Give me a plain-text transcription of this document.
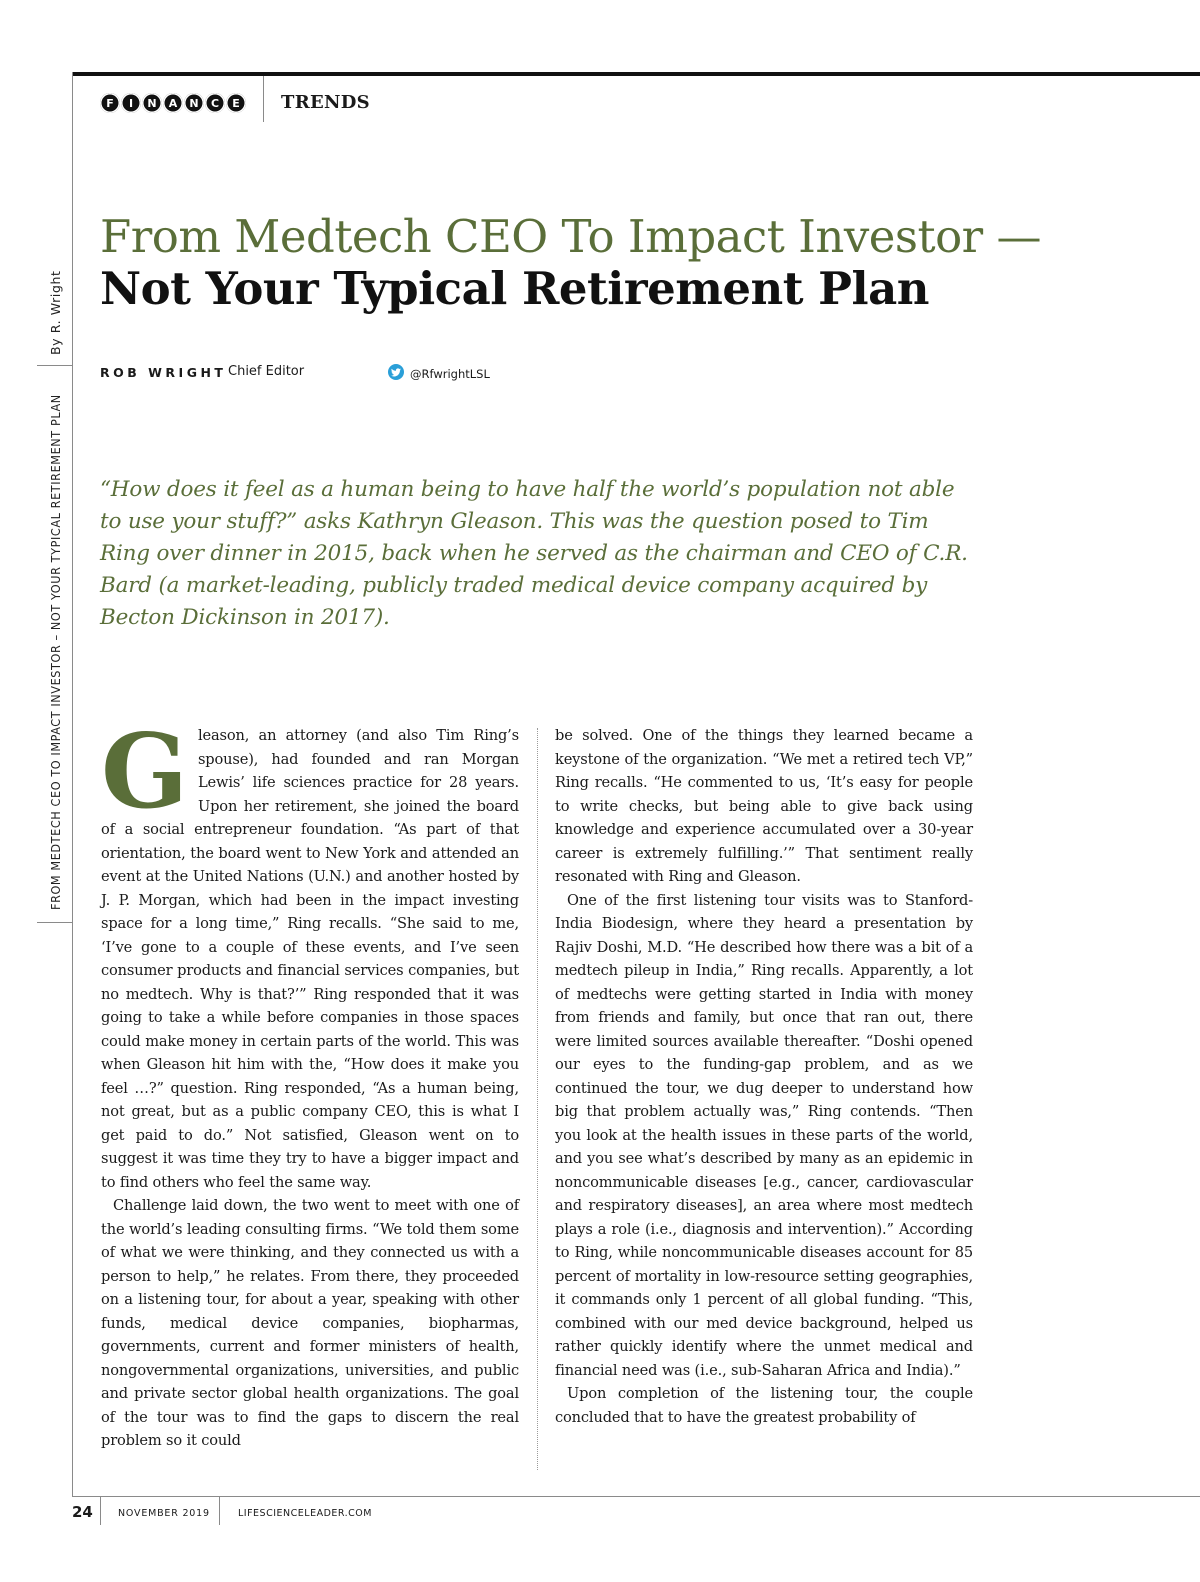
F	I	N	A	N	C	E	TRENDS
By R. Wright
FROM MEDTECH CEO TO IMPACT INVESTOR – NOT YOUR TYPICAL RETIREMENT PLAN
From Medtech CEO To Impact Investor —
Not Your Typical Retirement Plan
ROB WRIGHT Chief Editor	@RfwrightLSL
“How does it feel as a human being to have half the world’s population not able to use your stuff?” asks Kathryn Gleason. This was the question posed to Tim Ring over dinner in 2015, back when he served as the chairman and CEO of C.R. Bard (a market-leading, publicly traded medical device company acquired by Becton Dickinson in 2017).

Gleason, an attorney (and also Tim Ring’s spouse), had founded and ran Morgan Lewis’ life sciences practice for 28 years. Upon her retirement, she joined the board of a social entrepreneur foundation. “As part of that orientation, the board went to New York and attended an event at the United Nations (U.N.) and another hosted by J. P. Morgan, which had been in the impact investing space for a long time,” Ring recalls. “She said to me, ‘I’ve gone to a couple of these events, and I’ve seen consumer products and financial services companies, but no medtech. Why is that?’” Ring responded that it was going to take a while before companies in those spaces could make money in certain parts of the world. This was when Gleason hit him with the, “How does it make you feel …?” question. Ring responded, “As a human being, not great, but as a public company CEO, this is what I get paid to do.” Not satisfied, Gleason went on to suggest it was time they try to have a bigger impact and to find others who feel the same way.

Challenge laid down, the two went to meet with one of the world’s leading consulting firms. “We told them some of what we were thinking, and they connected us with a person to help,” he relates. From there, they proceeded on a listening tour, for about a year, speaking with other funds, medical device companies, biopharmas, governments, current and former ministers of health, nongovernmental organizations, universities, and public and private sector global health organizations. The goal of the tour was to find the gaps to discern the real problem so it could

be solved. One of the things they learned became a keystone of the organization. “We met a retired tech VP,” Ring recalls. “He commented to us, ‘It’s easy for people to write checks, but being able to give back using knowledge and experience accumulated over a 30-year career is extremely fulfilling.’” That sentiment really resonated with Ring and Gleason.

One of the first listening tour visits was to Stanford-India Biodesign, where they heard a presentation by Rajiv Doshi, M.D. “He described how there was a bit of a medtech pileup in India,” Ring recalls. Apparently, a lot of medtechs were getting started in India with money from friends and family, but once that ran out, there were limited sources available thereafter. “Doshi opened our eyes to the funding-gap problem, and as we continued the tour, we dug deeper to understand how big that problem actually was,” Ring contends. “Then you look at the health issues in these parts of the world, and you see what’s described by many as an epidemic in noncommunicable diseases [e.g., cancer, cardiovascular and respiratory diseases], an area where most medtech plays a role (i.e., diagnosis and intervention).” According to Ring, while noncommunicable diseases account for 85 percent of mortality in low-resource setting geographies, it commands only 1 percent of all global funding. “This, combined with our med device background, helped us rather quickly identify where the unmet medical and financial need was (i.e., sub-Saharan Africa and India).”

Upon completion of the listening tour, the couple concluded that to have the greatest probability of

24	NOVEMBER 2019	LIFESCIENCELEADER.COM
